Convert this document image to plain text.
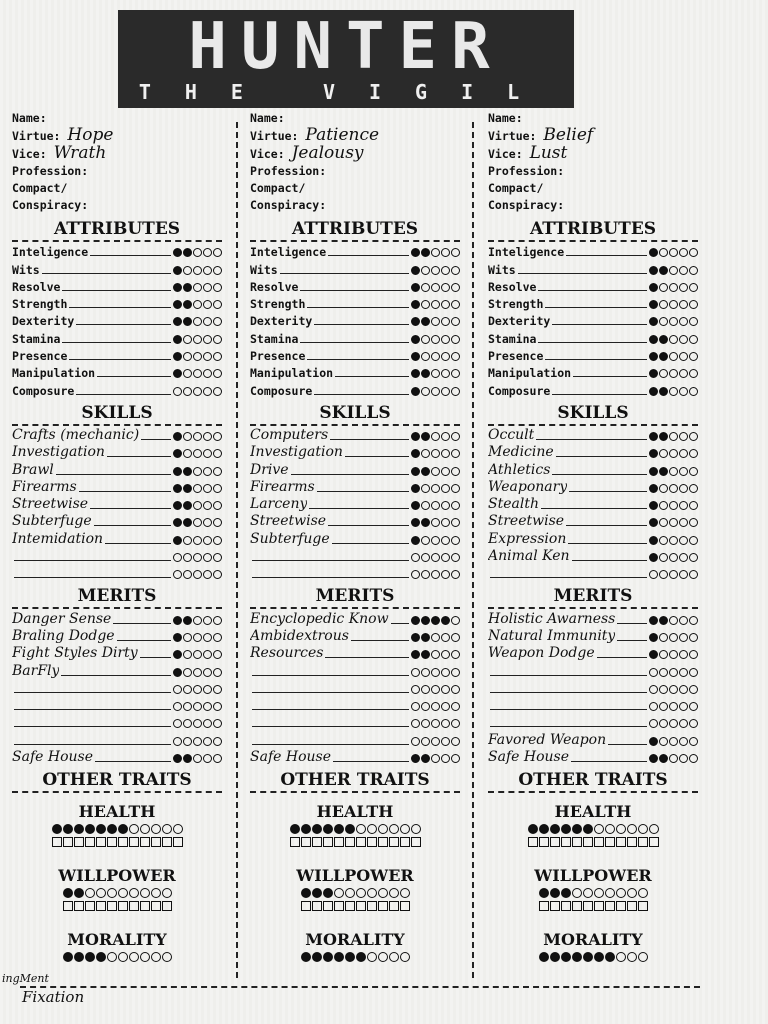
HUNTER
THE VIGIL
Name:
Virtue: Hope
Vice: Wrath
Profession:
Compact/
Conspiracy:
ATTRIBUTES
Inteligence
Wits
Resolve
Strength
Dexterity
Stamina
Presence
Manipulation
Composure
SKILLS
Crafts (mechanic)
Investigation
Brawl
Firearms
Streetwise
Subterfuge
Intemidation
MERITS
Danger Sense
Braling Dodge
Fight Styles Dirty
BarFly
Safe House
OTHER TRAITS
HEALTH
WILLPOWER
MORALITY
Name:
Virtue: Patience
Vice: Jealousy
Profession:
Compact/
Conspiracy:
ATTRIBUTES
Inteligence
Wits
Resolve
Strength
Dexterity
Stamina
Presence
Manipulation
Composure
SKILLS
Computers
Investigation
Drive
Firearms
Larceny
Streetwise
Subterfuge
MERITS
Encyclopedic Know
Ambidextrous
Resources
Safe House
OTHER TRAITS
HEALTH
WILLPOWER
MORALITY
Name:
Virtue: Belief
Vice: Lust
Profession:
Compact/
Conspiracy:
ATTRIBUTES
Inteligence
Wits
Resolve
Strength
Dexterity
Stamina
Presence
Manipulation
Composure
SKILLS
Occult
Medicine
Athletics
Weaponary
Stealth
Streetwise
Expression
Animal Ken
MERITS
Holistic Awarness
Natural Immunity
Weapon Dodge
Favored Weapon
Safe House
OTHER TRAITS
HEALTH
WILLPOWER
MORALITY
ingMent
Fixation
